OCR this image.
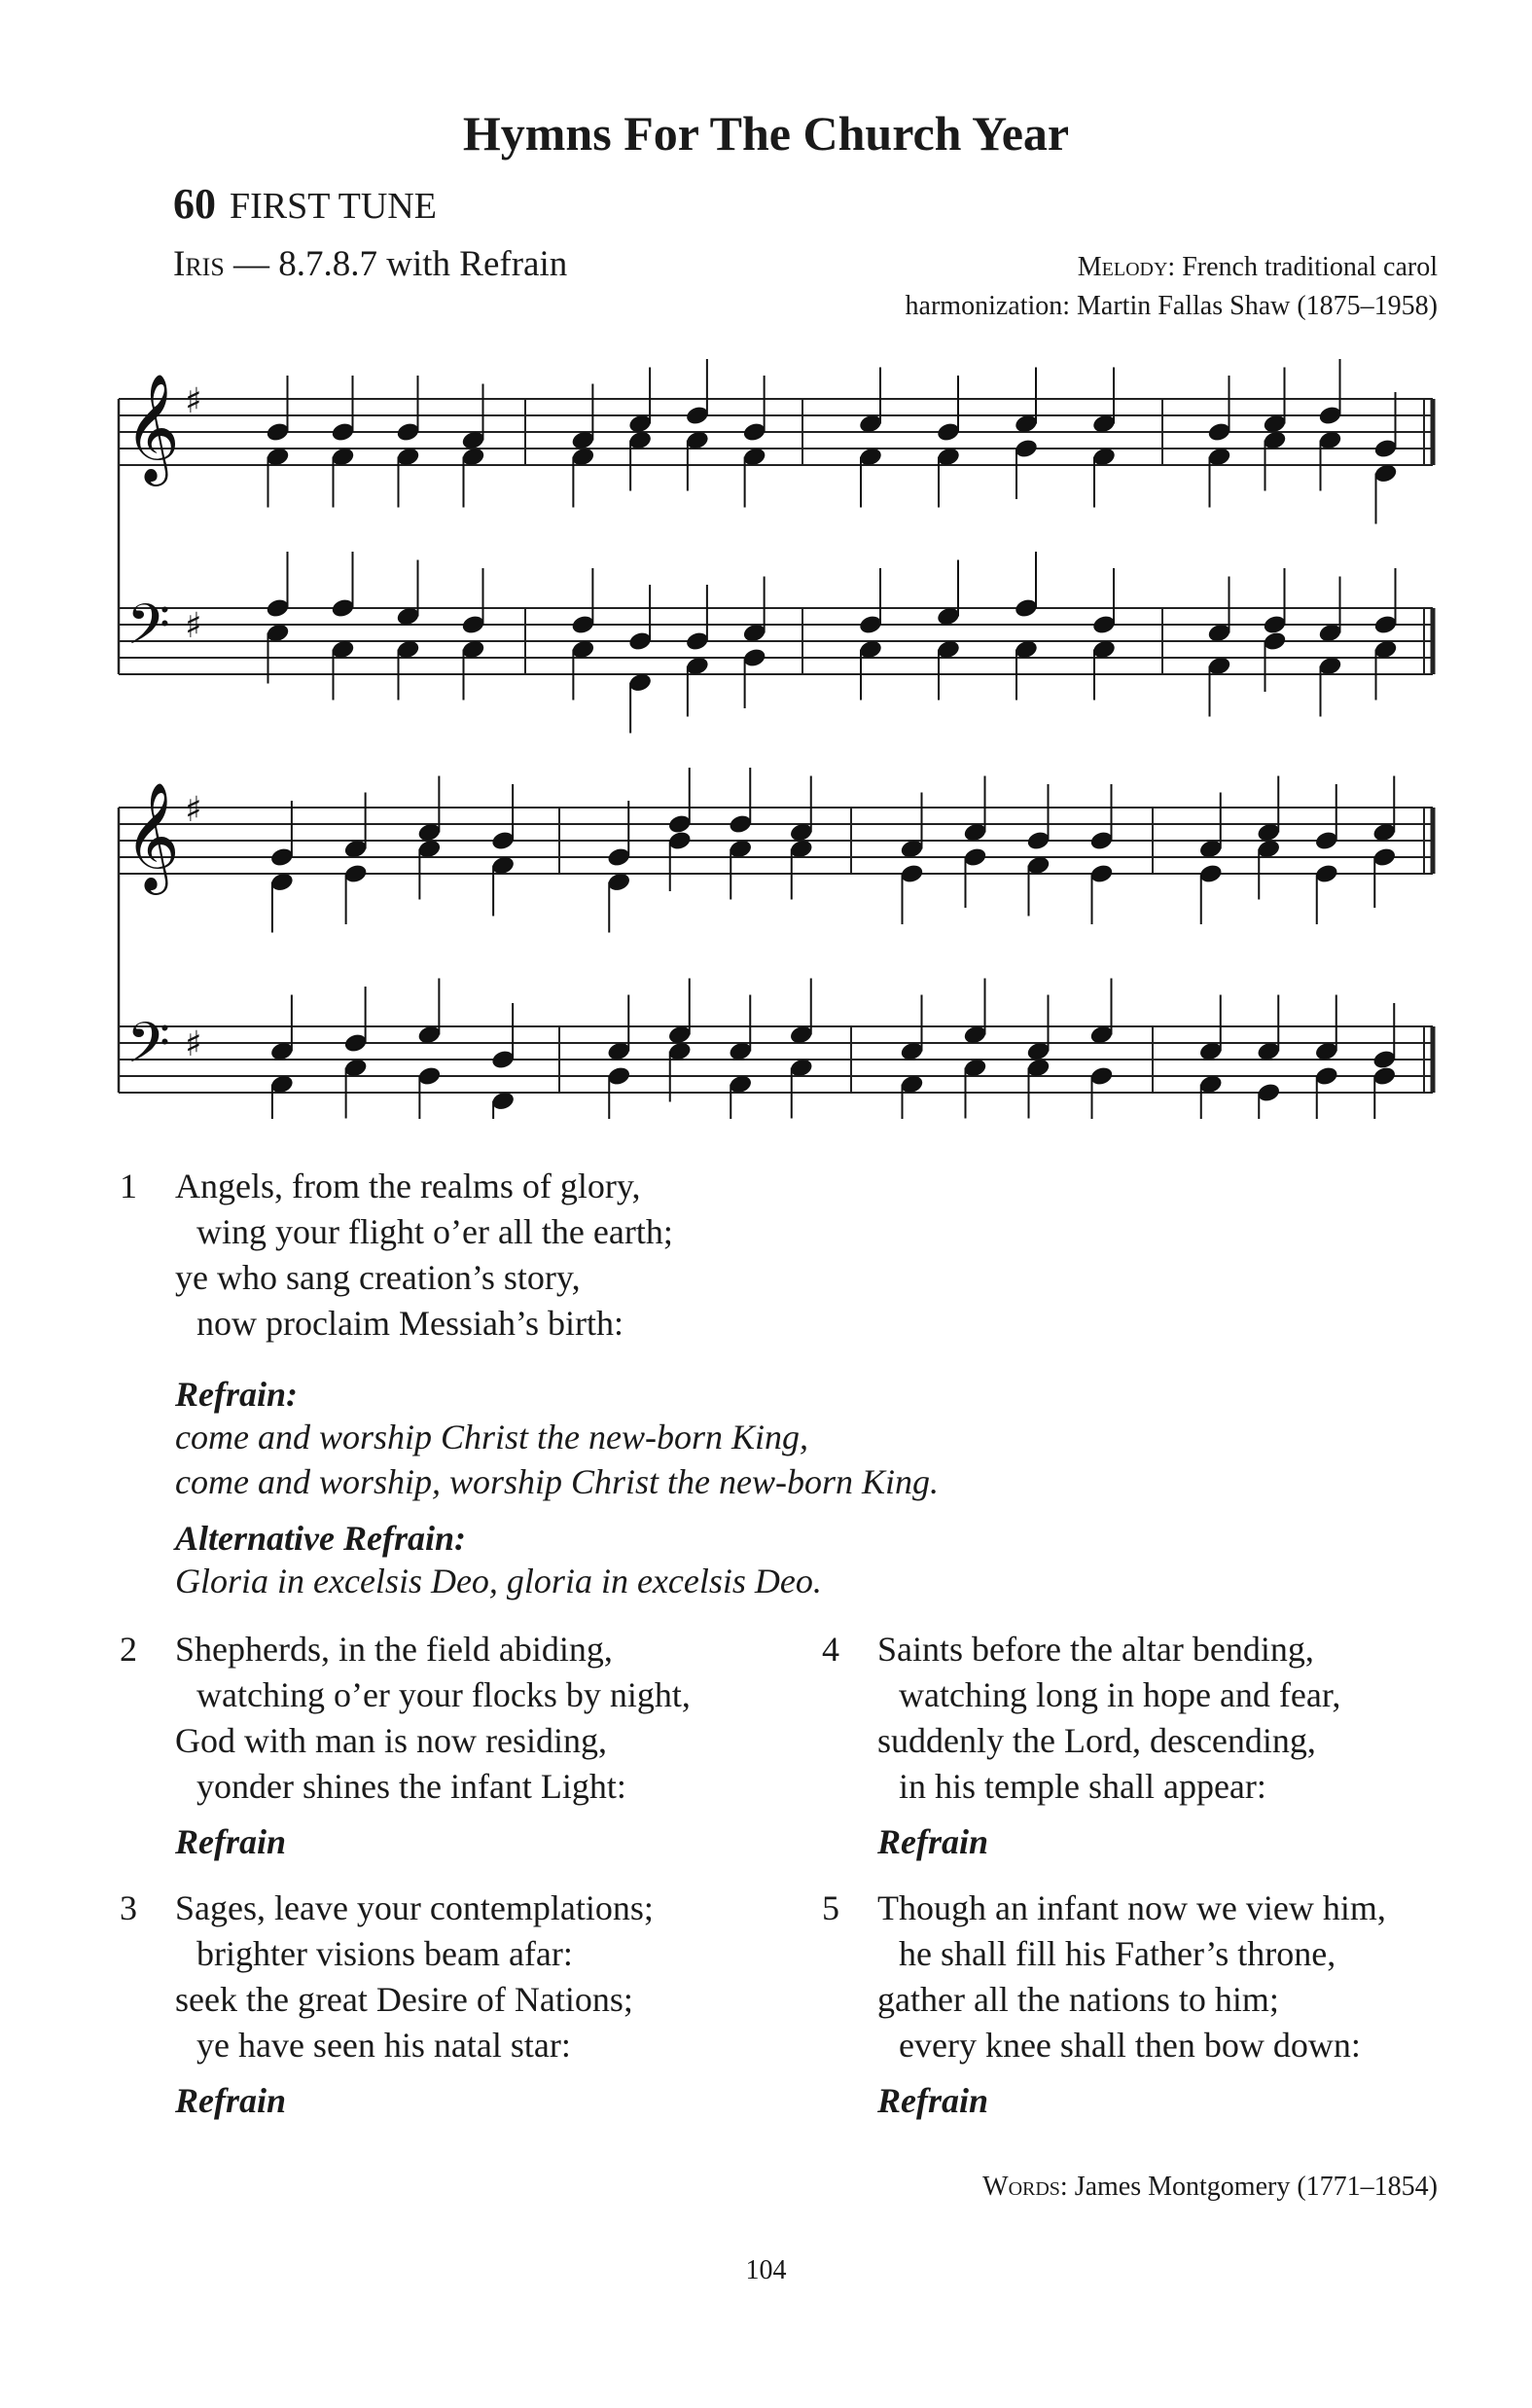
Hymns For The Church Year
60 FIRST TUNE
Iris — 8.7.8.7 with Refrain	Melody: French traditional carol
harmonization: Martin Fallas Shaw (1875–1958)
𝄞
𝄢
♯
♯
𝄞
𝄢
♯
♯
1 Angels, from the realms of glory,
wing your flight o’er all the earth;
ye who sang creation’s story,
now proclaim Messiah’s birth:
Refrain:
come and worship Christ the new-born King,
come and worship, worship Christ the new-born King.
Alternative Refrain:
Gloria in excelsis Deo, gloria in excelsis Deo.
2 Shepherds, in the field abiding,
watching o’er your flocks by night,
God with man is now residing,
yonder shines the infant Light:
Refrain
3 Sages, leave your contemplations;
brighter visions beam afar:
seek the great Desire of Nations;
ye have seen his natal star:
Refrain
4 Saints before the altar bending,
watching long in hope and fear,
suddenly the Lord, descending,
in his temple shall appear:
Refrain
5 Though an infant now we view him,
he shall fill his Father’s throne,
gather all the nations to him;
every knee shall then bow down:
Refrain
Words: James Montgomery (1771–1854)
104
